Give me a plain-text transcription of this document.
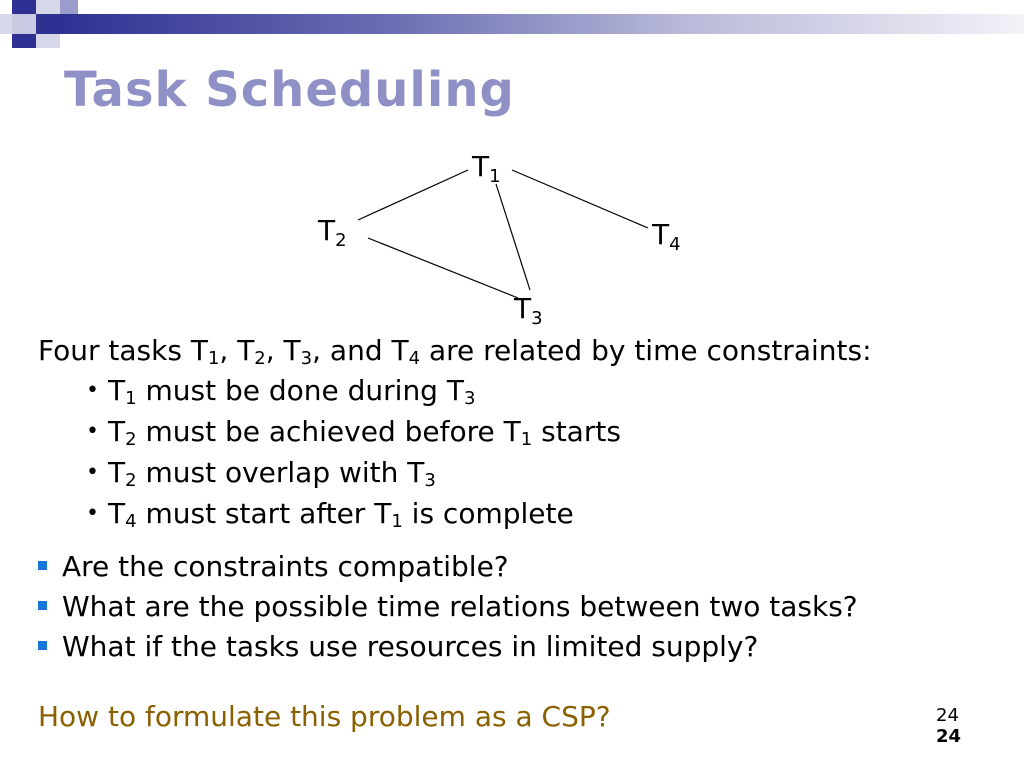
Task Scheduling
$T_1$
$T_2$
$T_3$
$T_4$
Four tasks $T_1$, $T_2$, $T_3$, and $T_4$ are related by time constraints:
• $T_1$ must be done during $T_3$
• $T_2$ must be achieved before $T_1$ starts
• $T_2$ must overlap with $T_3$
• $T_4$ must start after $T_1$ is complete
Are the constraints compatible?
What are the possible time relations between two tasks?
What if the tasks use resources in limited supply?
How to formulate this problem as a CSP?	24
24
